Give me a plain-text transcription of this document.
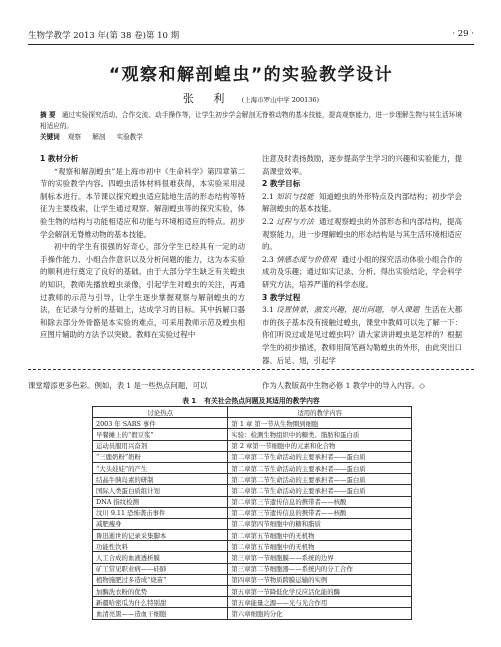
生物学教学 2013 年(第 38 卷)第 10 期	· 29 ·
“观察和解剖蝗虫”的实验教学设计
张 利 (上海市罗山中学 200136)
摘 要 通过实验探究活动、合作交流、动手操作等，让学生初步学会解剖无脊椎动物的基本技能，提高观察能力，进一步理解生物与其生活环境相适应的。
关键词 观察 解剖 实验教学
1 教材分析

“观察和解剖蝗虫”是上海市初中《生命科学》第四章第二节的实验教学内容。四蝗虫活体材料很难获得，本实验采用浸制标本进行。本节课以探究蝗虫适应陆地生活的形态结构等特征为主要线索，让学生通过观察、解剖蝗虫等的探究实验，体验生物的结构与功能相适应和功能与环境相适应的特点。初步学会解剖无脊椎动物的基本技能。

初中的学生有很强的好奇心，部分学生已经具有一定的动手操作能力、小组合作意识以及分析问题的能力，这为本实验的顺利进行奠定了良好的基础。由于大部分学生缺乏有关蝗虫的知识，教师先播放蝗虫录像，引起学生对蝗虫的关注，再通过教师的示范与引导，让学生逐步掌握观察与解剖蝗虫的方法，在记录与分析的基础上，达成学习的目标。其中拆解口器和除去部分外骨骼是本实验的难点，可采用教师示范及蝗虫相应图片辅助的方法予以突破。教师在实验过程中

注意及时表扬鼓励，逐步提高学生学习的兴趣和实验能力，提高课堂效率。

2 教学目标
2.1 知识与技能 知道蝗虫的外形特点及内部结构；初步学会解剖蝗虫的基本技能。
2.2 过程与方法 通过观察蝗虫的外部形态和内部结构，提高观察能力，进一步理解蝗虫的形态结构是与其生活环境相适应的。
2.3 情感态度与价值观 通过小组的探究活动体验小组合作的成功及乐趣；通过如实记录、分析、得出实验结论，学会科学研究方法，培养严谨的科学态度。
3 教学过程
3.1 设置情景，激发兴趣，提出问题，导入课题 生活在大都市的孩子基本没有接触过蝗虫，课堂中教师可以先了解一下：你们听说过或是见过蝗虫吗？请大家讲讲蝗虫是怎样的？根据学生的初步描述，教师用简笔画勾勒蝗虫的外形，由此突出口器、后足、翅，引起学
课堂增添更多色彩。例如，表 1 是一些热点问题，可以	作为人教版高中生物必修 1 教学中的导入内容。◇
表 1 有关社会热点问题及其适用的教学内容
讨论热点	适用的教学内容
2003 年 SARS 事件	第 1 章 第一节从生物圈到细胞
早餐摊上的“假豆浆”	实验：检测生物组织中的糖类、脂肪和蛋白质
运动员服用兴奋剂	第 2 章第一节细胞中的元素和化合物
“三鹿奶粉”奶粉	第二章第二节生命活动的主要承担者——蛋白质
“大头娃娃”的产生	第二章第二节生命活动的主要承担者——蛋白质
结晶牛胰岛素的研制	第二章第二节生命活动的主要承担者——蛋白质
国际人类蛋白质组计划	第二章第二节生命活动的主要承担者——蛋白质
DNA 指纹检测	第二章第三节遗传信息的携带者——核酸
汶川 9.11 恐怖袭击事件	第二章第三节遗传信息的携带者——核酸
减肥瘦身	第二章第四节细胞中的糖和脂质
鲁迅逝世的记录采集脚本	第二章第五节细胞中的无机物
功能性饮料	第二章第五节细胞中的无机物
人工合成的血液透析膜	第三章第一节细胞膜——系统的边界
矿工常见职业病——硅肺	第三章第二节细胞器——系统内的分工合作
植物施肥过多造成“烧苗”	第四章第一节物质跨膜运输的实例
加酶洗衣粉的优势	第五章第一节降低化学反应活化能的酶
新疆哈密瓜为什么特别甜	第五章能量之源——光与光合作用
血清亮黑——造血干细胞	第六章细胞的分化
